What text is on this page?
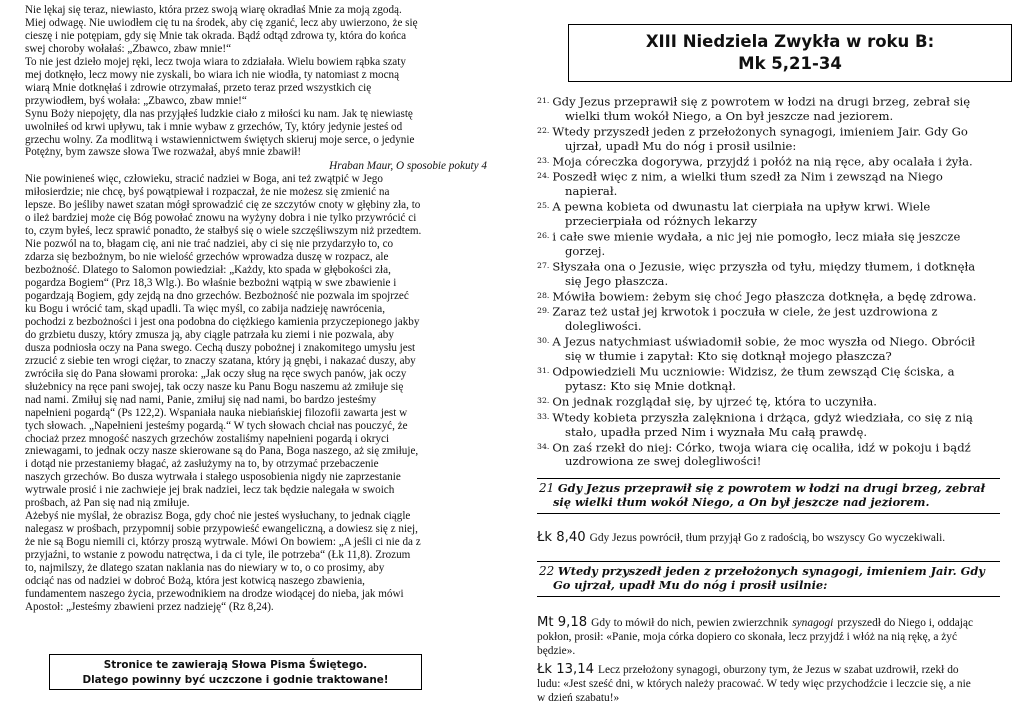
Nie lękaj się teraz, niewiasto, która przez swoją wiarę okradłaś Mnie za moją zgodą.
Miej odwagę. Nie uwiodłem cię tu na środek, aby cię zganić, lecz aby uwierzono, że się
cieszę i nie potępiam, gdy się Mnie tak okrada. Bądź odtąd zdrowa ty, która do końca
swej choroby wołałaś: „Zbawco, zbaw mnie!“

To nie jest dzieło mojej ręki, lecz twoja wiara to zdziałała. Wielu bowiem rąbka szaty
mej dotknęło, lecz mowy nie zyskali, bo wiara ich nie wiodła, ty natomiast z mocną
wiarą Mnie dotknęłaś i zdrowie otrzymałaś, przeto teraz przed wszystkich cię
przywiodłem, byś wołała: „Zbawco, zbaw mnie!“

Synu Boży niepojęty, dla nas przyjąłeś ludzkie ciało z miłości ku nam. Jak tę niewiastę
uwolniłeś od krwi upływu, tak i mnie wybaw z grzechów, Ty, który jedynie jesteś od
grzechu wolny. Za modlitwą i wstawiennictwem świętych skieruj moje serce, o jedynie
Potężny, bym zawsze słowa Twe rozważał, abyś mnie zbawił!

Hraban Maur, O sposobie pokuty 4

Nie powinieneś więc, człowieku, stracić nadziei w Boga, ani też zwątpić w Jego
miłosierdzie; nie chcę, byś powątpiewał i rozpaczał, że nie możesz się zmienić na
lepsze. Bo jeśliby nawet szatan mógł sprowadzić cię ze szczytów cnoty w głębiny zła, to
o ileż bardziej może cię Bóg powołać znowu na wyżyny dobra i nie tylko przywrócić ci
to, czym byłeś, lecz sprawić ponadto, że stałbyś się o wiele szczęśliwszym niż przedtem.
Nie pozwól na to, błagam cię, ani nie trać nadziei, aby ci się nie przydarzyło to, co
zdarza się bezbożnym, bo nie wielość grzechów wprowadza duszę w rozpacz, ale
bezbożność. Dlatego to Salomon powiedział: „Każdy, kto spada w głębokości zła,
pogardza Bogiem“ (Prz 18,3 Wlg.). Bo właśnie bezbożni wątpią w swe zbawienie i
pogardzają Bogiem, gdy zejdą na dno grzechów. Bezbożność nie pozwala im spojrzeć
ku Bogu i wrócić tam, skąd upadli. Ta więc myśl, co zabija nadzieję nawrócenia,
pochodzi z bezbożności i jest ona podobna do ciężkiego kamienia przyczepionego jakby
do grzbietu duszy, który zmusza ją, aby ciągle patrzała ku ziemi i nie pozwala, aby
dusza podniosła oczy na Pana swego. Cechą duszy pobożnej i znakomitego umysłu jest
zrzucić z siebie ten wrogi ciężar, to znaczy szatana, który ją gnębi, i nakazać duszy, aby
zwróciła się do Pana słowami proroka: „Jak oczy sług na ręce swych panów, jak oczy
służebnicy na ręce pani swojej, tak oczy nasze ku Panu Bogu naszemu aż zmiłuje się
nad nami. Zmiłuj się nad nami, Panie, zmiłuj się nad nami, bo bardzo jesteśmy
napełnieni pogardą“ (Ps 122,2). Wspaniała nauka niebiańskiej filozofii zawarta jest w
tych słowach. „Napełnieni jesteśmy pogardą.“ W tych słowach chciał nas pouczyć, że
chociaż przez mnogość naszych grzechów zostaliśmy napełnieni pogardą i okryci
zniewagami, to jednak oczy nasze skierowane są do Pana, Boga naszego, aż się zmiłuje,
i dotąd nie przestaniemy błagać, aż zasłużymy na to, by otrzymać przebaczenie
naszych grzechów. Bo dusza wytrwała i stałego usposobienia nigdy nie zaprzestanie
wytrwale prosić i nie zachwieje jej brak nadziei, lecz tak będzie nalegała w swoich
prośbach, aż Pan się nad nią zmiłuje.

Ażebyś nie myślał, że obrazisz Boga, gdy choć nie jesteś wysłuchany, to jednak ciągle
nalegasz w prośbach, przypomnij sobie przypowieść ewangeliczną, a dowiesz się z niej,
że nie są Bogu niemili ci, którzy proszą wytrwale. Mówi On bowiem: „A jeśli ci nie da z
przyjaźni, to wstanie z powodu natręctwa, i da ci tyle, ile potrzeba“ (Łk 11,8). Zrozum
to, najmilszy, że dlatego szatan naklania nas do niewiary w to, o co prosimy, aby
odciąć nas od nadziei w dobroć Bożą, która jest kotwicą naszego zbawienia,
fundamentem naszego życia, przewodnikiem na drodze wiodącej do nieba, jak mówi
Apostoł: „Jesteśmy zbawieni przez nadzieję“ (Rz 8,24).

Stronice te zawierają Słowa Pisma Świętego.
Dlatego powinny być uczczone i godnie traktowane!
XIII Niedziela Zwykła w roku B:
Mk 5,21-34

$^{21.}$ Gdy Jezus przeprawił się z powrotem w łodzi na drugi brzeg, zebrał się
wielki tłum wokół Niego, a On był jeszcze nad jeziorem.

$^{22.}$ Wtedy przyszedł jeden z przełożonych synagogi, imieniem Jair. Gdy Go
ujrzał, upadł Mu do nóg i prosił usilnie:

$^{23.}$ Moja córeczka dogorywa, przyjdź i połóż na nią ręce, aby ocalała i żyła.

$^{24.}$ Poszedł więc z nim, a wielki tłum szedł za Nim i zewsząd na Niego
napierał.

$^{25.}$ A pewna kobieta od dwunastu lat cierpiała na upływ krwi. Wiele
przecierpiała od różnych lekarzy

$^{26.}$ i całe swe mienie wydała, a nic jej nie pomogło, lecz miała się jeszcze
gorzej.

$^{27.}$ Słyszała ona o Jezusie, więc przyszła od tyłu, między tłumem, i dotknęła
się Jego płaszcza.

$^{28.}$ Mówiła bowiem: żebym się choć Jego płaszcza dotknęła, a będę zdrowa.

$^{29.}$ Zaraz też ustał jej krwotok i poczuła w ciele, że jest uzdrowiona z
dolegliwości.

$^{30.}$ A Jezus natychmiast uświadomił sobie, że moc wyszła od Niego. Obrócił
się w tłumie i zapytał: Kto się dotknął mojego płaszcza?

$^{31.}$ Odpowiedzieli Mu uczniowie: Widzisz, że tłum zewsząd Cię ściska, a
pytasz: Kto się Mnie dotknął.

$^{32.}$ On jednak rozglądał się, by ujrzeć tę, która to uczyniła.

$^{33.}$ Wtedy kobieta przyszła zalękniona i drżąca, gdyż wiedziała, co się z nią
stało, upadła przed Nim i wyznała Mu całą prawdę.

$^{34.}$ On zaś rzekł do niej: Córko, twoja wiara cię ocaliła, idź w pokoju i bądź
uzdrowiona ze swej dolegliwości!

21 Gdy Jezus przeprawił się z powrotem w łodzi na drugi brzeg, zebrał
się wielki tłum wokół Niego, a On był jeszcze nad jeziorem.

Łk 8,40 Gdy Jezus powrócił, tłum przyjął Go z radością, bo wszyscy Go wyczekiwali.

22 Wtedy przyszedł jeden z przełożonych synagogi, imieniem Jair. Gdy
Go ujrzał, upadł Mu do nóg i prosił usilnie:

Mt 9,18 Gdy to mówił do nich, pewien zwierzchnik synagogi przyszedł do Niego i, oddając
pokłon, prosił: «Panie, moja córka dopiero co skonała, lecz przyjdź i włóż na nią rękę, a żyć
będzie».

Łk 13,14 Lecz przełożony synagogi, oburzony tym, że Jezus w szabat uzdrowił, rzekł do
ludu: «Jest sześć dni, w których należy pracować. W tedy więc przychodźcie i leczcie się, a nie
w dzień szabatu!»
